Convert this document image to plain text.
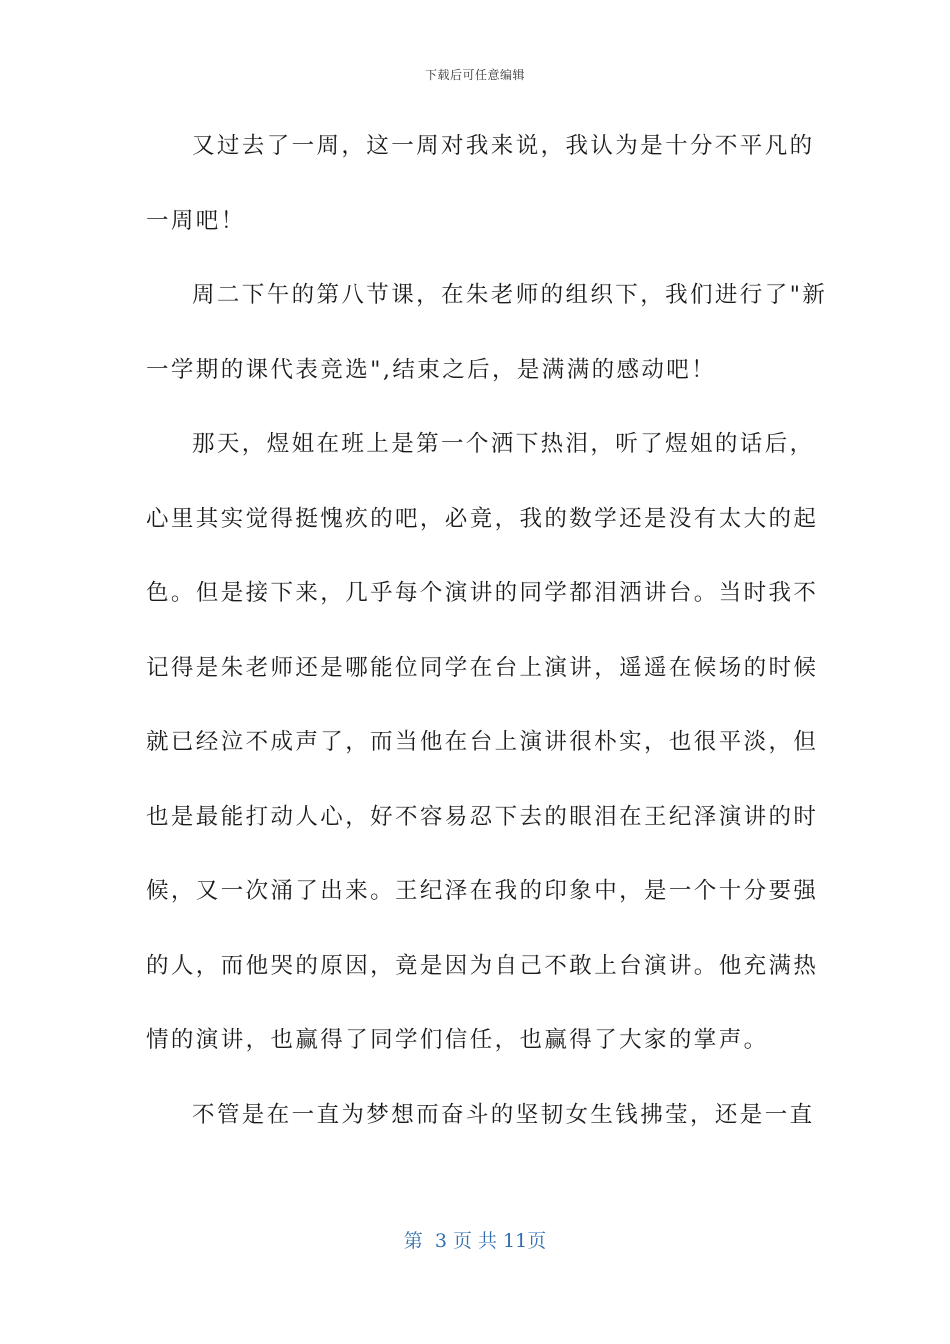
下载后可任意编辑
又过去了一周，这一周对我来说，我认为是十分不平凡的
一周吧！
周二下午的第八节课，在朱老师的组织下，我们进行了"新
一学期的课代表竞选",结束之后，是满满的感动吧！
那天，煜姐在班上是第一个洒下热泪，听了煜姐的话后，
心里其实觉得挺愧疚的吧，必竟，我的数学还是没有太大的起
色。但是接下来，几乎每个演讲的同学都泪洒讲台。当时我不
记得是朱老师还是哪能位同学在台上演讲，遥遥在候场的时候
就已经泣不成声了，而当他在台上演讲很朴实，也很平淡，但
也是最能打动人心，好不容易忍下去的眼泪在王纪泽演讲的时
候，又一次涌了出来。王纪泽在我的印象中，是一个十分要强
的人，而他哭的原因，竟是因为自己不敢上台演讲。他充满热
情的演讲，也赢得了同学们信任，也赢得了大家的掌声。
不管是在一直为梦想而奋斗的坚韧女生钱拂莹，还是一直
第  3 页 共 11页
